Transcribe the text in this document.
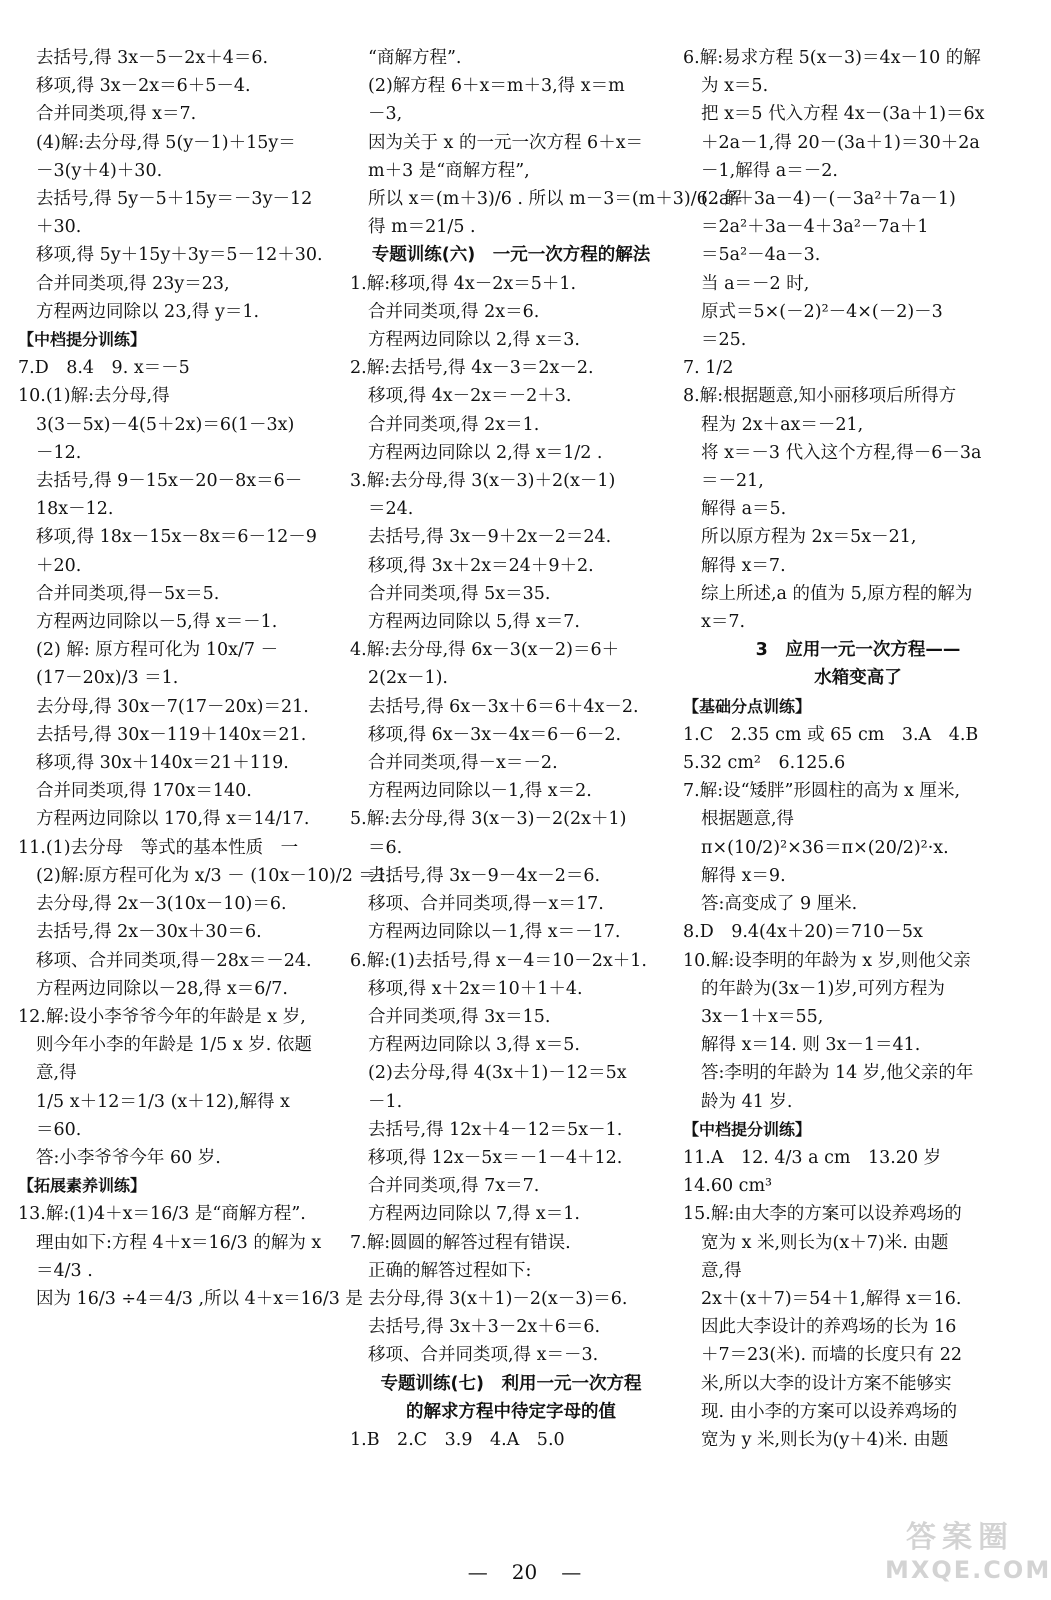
去括号,得 3x－5－2x＋4＝6.
移项,得 3x－2x＝6＋5－4.
合并同类项,得 x＝7.
(4)解:去分母,得 5(y－1)＋15y＝
－3(y＋4)＋30.
去括号,得 5y－5＋15y＝－3y－12
＋30.
移项,得 5y＋15y＋3y＝5－12＋30.
合并同类项,得 23y＝23,
方程两边同除以 23,得 y＝1.
【中档提分训练】
7.D　8.4　9. x＝－5
10.(1)解:去分母,得
3(3－5x)－4(5＋2x)＝6(1－3x)
－12.
去括号,得 9－15x－20－8x＝6－
18x－12.
移项,得 18x－15x－8x＝6－12－9
＋20.
合并同类项,得－5x＝5.
方程两边同除以－5,得 x＝－1.
(2) 解: 原方程可化为 10x/7 －
(17－20x)/3 ＝1.
去分母,得 30x－7(17－20x)＝21.
去括号,得 30x－119＋140x＝21.
移项,得 30x＋140x＝21＋119.
合并同类项,得 170x＝140.
方程两边同除以 170,得 x＝14/17.
11.(1)去分母　等式的基本性质　一
(2)解:原方程可化为 x/3 － (10x－10)/2 ＝1.
去分母,得 2x－3(10x－10)＝6.
去括号,得 2x－30x＋30＝6.
移项、合并同类项,得－28x＝－24.
方程两边同除以－28,得 x＝6/7.
12.解:设小李爷爷今年的年龄是 x 岁,
则今年小李的年龄是 1/5 x 岁. 依题
意,得
1/5 x＋12＝1/3 (x＋12),解得 x
＝60.
答:小李爷爷今年 60 岁.
【拓展素养训练】
13.解:(1)4＋x＝16/3 是“商解方程”.
理由如下:方程 4＋x＝16/3 的解为 x
＝4/3 .
因为 16/3 ÷4＝4/3 ,所以 4＋x＝16/3 是
“商解方程”.
(2)解方程 6＋x＝m＋3,得 x＝m
－3,
因为关于 x 的一元一次方程 6＋x＝
m＋3 是“商解方程”,
所以 x＝(m＋3)/6 . 所以 m－3＝(m＋3)/6 . 解
得 m＝21/5 .
专题训练(六)　一元一次方程的解法
1.解:移项,得 4x－2x＝5＋1.
合并同类项,得 2x＝6.
方程两边同除以 2,得 x＝3.
2.解:去括号,得 4x－3＝2x－2.
移项,得 4x－2x＝－2＋3.
合并同类项,得 2x＝1.
方程两边同除以 2,得 x＝1/2 .
3.解:去分母,得 3(x－3)＋2(x－1)
＝24.
去括号,得 3x－9＋2x－2＝24.
移项,得 3x＋2x＝24＋9＋2.
合并同类项,得 5x＝35.
方程两边同除以 5,得 x＝7.
4.解:去分母,得 6x－3(x－2)＝6＋
2(2x－1).
去括号,得 6x－3x＋6＝6＋4x－2.
移项,得 6x－3x－4x＝6－6－2.
合并同类项,得－x＝－2.
方程两边同除以－1,得 x＝2.
5.解:去分母,得 3(x－3)－2(2x＋1)
＝6.
去括号,得 3x－9－4x－2＝6.
移项、合并同类项,得－x＝17.
方程两边同除以－1,得 x＝－17.
6.解:(1)去括号,得 x－4＝10－2x＋1.
移项,得 x＋2x＝10＋1＋4.
合并同类项,得 3x＝15.
方程两边同除以 3,得 x＝5.
(2)去分母,得 4(3x＋1)－12＝5x
－1.
去括号,得 12x＋4－12＝5x－1.
移项,得 12x－5x＝－1－4＋12.
合并同类项,得 7x＝7.
方程两边同除以 7,得 x＝1.
7.解:圆圆的解答过程有错误.
正确的解答过程如下:
去分母,得 3(x＋1)－2(x－3)＝6.
去括号,得 3x＋3－2x＋6＝6.
移项、合并同类项,得 x＝－3.
专题训练(七)　利用一元一次方程
的解求方程中待定字母的值
1.B　2.C　3.9　4.A　5.0
6.解:易求方程 5(x－3)＝4x－10 的解
为 x＝5.
把 x＝5 代入方程 4x－(3a＋1)＝6x
＋2a－1,得 20－(3a＋1)＝30＋2a
－1,解得 a＝－2.
(2a²＋3a－4)－(－3a²＋7a－1)
＝2a²＋3a－4＋3a²－7a＋1
＝5a²－4a－3.
当 a＝－2 时,
原式＝5×(－2)²－4×(－2)－3
＝25.
7. 1/2
8.解:根据题意,知小丽移项后所得方
程为 2x＋ax＝－21,
将 x＝－3 代入这个方程,得－6－3a
＝－21,
解得 a＝5.
所以原方程为 2x＝5x－21,
解得 x＝7.
综上所述,a 的值为 5,原方程的解为
x＝7.
3　应用一元一次方程——
水箱变高了
【基础分点训练】
1.C　2.35 cm 或 65 cm　3.A　4.B
5.32 cm²　6.125.6
7.解:设“矮胖”形圆柱的高为 x 厘米,
根据题意,得
π×(10/2)²×36＝π×(20/2)²·x.
解得 x＝9.
答:高变成了 9 厘米.
8.D　9.4(4x＋20)＝710－5x
10.解:设李明的年龄为 x 岁,则他父亲
的年龄为(3x－1)岁,可列方程为
3x－1＋x＝55,
解得 x＝14. 则 3x－1＝41.
答:李明的年龄为 14 岁,他父亲的年
龄为 41 岁.
【中档提分训练】
11.A　12. 4/3 a cm　13.20 岁
14.60 cm³
15.解:由大李的方案可以设养鸡场的
宽为 x 米,则长为(x＋7)米. 由题
意,得
2x＋(x＋7)＝54＋1,解得 x＝16.
因此大李设计的养鸡场的长为 16
＋7＝23(米). 而墙的长度只有 22
米,所以大李的设计方案不能够实
现. 由小李的方案可以设养鸡场的
宽为 y 米,则长为(y＋4)米. 由题
— 20 —
答案圈
MXQE.COM
